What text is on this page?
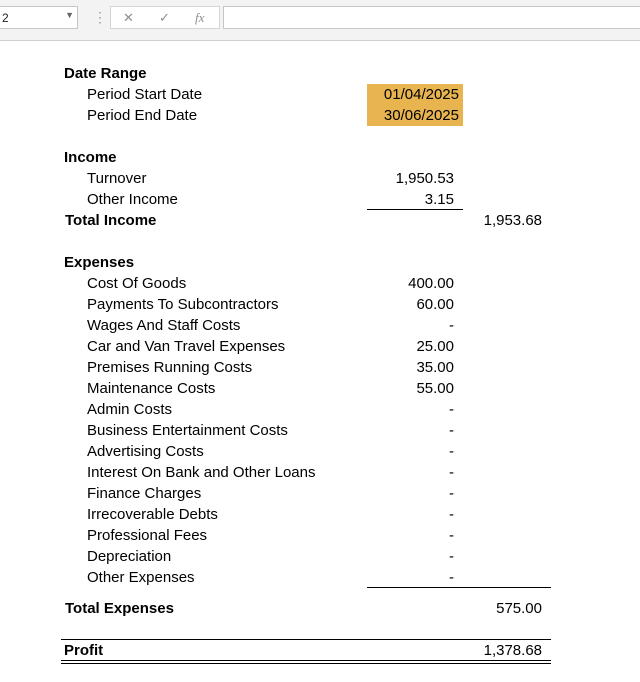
2	▼ ⋮ ✕ ✓ fx
Date Range
Period Start Date	01/04/2025
Period End Date	30/06/2025
Income
Turnover	1,950.53
Other Income	3.15
Total Income	1,953.68
Expenses
Cost Of Goods	400.00
Payments To Subcontractors	60.00
Wages And Staff Costs	-
Car and Van Travel Expenses	25.00
Premises Running Costs	35.00
Maintenance Costs	55.00
Admin Costs	-
Business Entertainment Costs	-
Advertising Costs	-
Interest On Bank and Other Loans	-
Finance Charges	-
Irrecoverable Debts	-
Professional Fees	-
Depreciation	-
Other Expenses	-
Total Expenses	575.00
Profit	1,378.68
